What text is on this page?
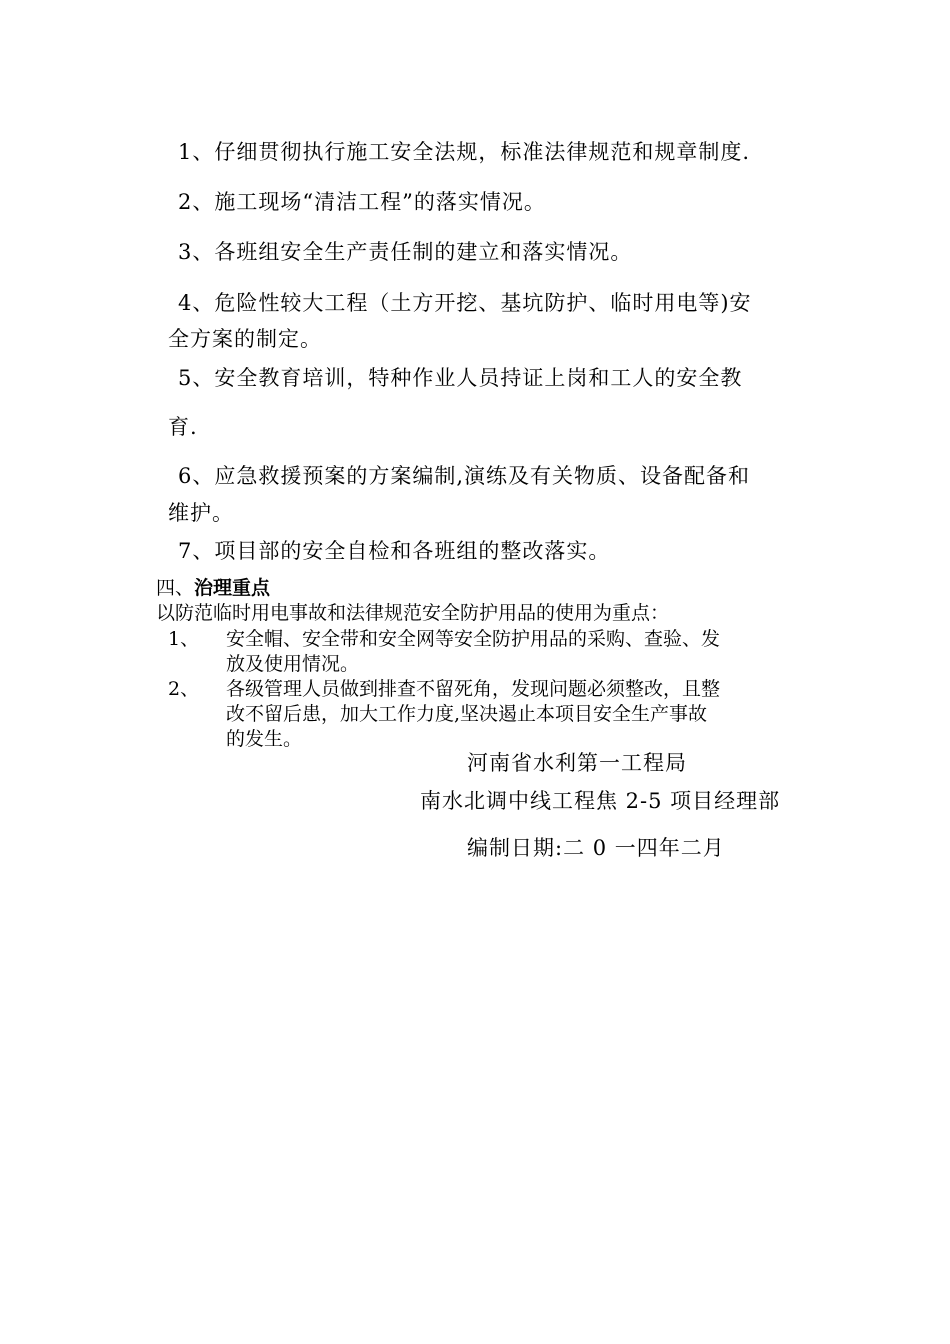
1、仔细贯彻执行施工安全法规，标准法律规范和规章制度.

2、施工现场“清洁工程”的落实情况。

3、各班组安全生产责任制的建立和落实情况。

4、危险性较大工程（土方开挖、基坑防护、临时用电等)安

全方案的制定。

5、安全教育培训，特种作业人员持证上岗和工人的安全教

育.

6、应急救援预案的方案编制,演练及有关物质、设备配备和

维护。

7、项目部的安全自检和各班组的整改落实。

四、治理重点

以防范临时用电事故和法律规范安全防护用品的使用为重点：

1、 安全帽、安全带和安全网等安全防护用品的采购、查验、发

放及使用情况。

2、 各级管理人员做到排查不留死角，发现问题必须整改，且整

改不留后患，加大工作力度,坚决遏止本项目安全生产事故

的发生。

河南省水利第一工程局

南水北调中线工程焦 2-5 项目经理部

编制日期:二 0 一四年二月
